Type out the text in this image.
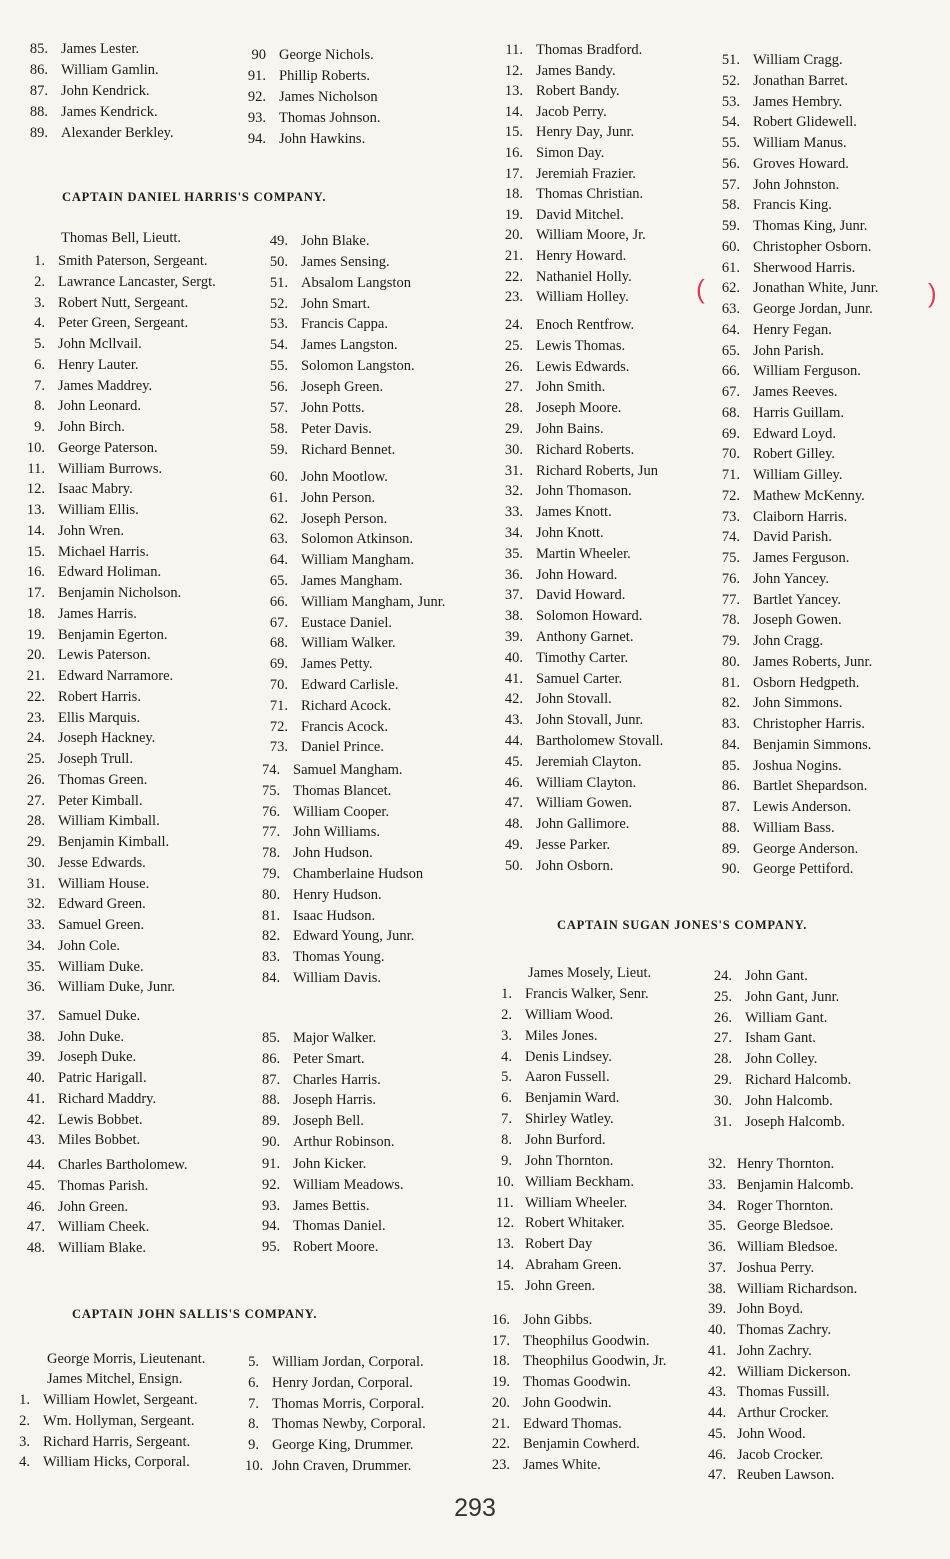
85. James Lester.
86. William Gamlin.
87. John Kendrick.
88. James Kendrick.
89. Alexander Berkley.
90 George Nichols.
91. Phillip Roberts.
92. James Nicholson
93. Thomas Johnson.
94. John Hawkins.
CAPTAIN DANIEL HARRIS'S COMPANY.
Thomas Bell, Lieutt.
1. Smith Paterson, Sergeant.
2. Lawrance Lancaster, Sergt.
3. Robert Nutt, Sergeant.
4. Peter Green, Sergeant.
5. John Mcllvail.
6. Henry Lauter.
7. James Maddrey.
8. John Leonard.
9. John Birch.
10. George Paterson.
11. William Burrows.
12. Isaac Mabry.
13. William Ellis.
14. John Wren.
15. Michael Harris.
16. Edward Holiman.
17. Benjamin Nicholson.
18. James Harris.
19. Benjamin Egerton.
20. Lewis Paterson.
21. Edward Narramore.
22. Robert Harris.
23. Ellis Marquis.
24. Joseph Hackney.
25. Joseph Trull.
26. Thomas Green.
27. Peter Kimball.
28. William Kimball.
29. Benjamin Kimball.
30. Jesse Edwards.
31. William House.
32. Edward Green.
33. Samuel Green.
34. John Cole.
35. William Duke.
36. William Duke, Junr.
37. Samuel Duke.
38. John Duke.
39. Joseph Duke.
40. Patric Harigall.
41. Richard Maddry.
42. Lewis Bobbet.
43. Miles Bobbet.
44. Charles Bartholomew.
45. Thomas Parish.
46. John Green.
47. William Cheek.
48. William Blake.
49. John Blake.
50. James Sensing.
51. Absalom Langston
52. John Smart.
53. Francis Cappa.
54. James Langston.
55. Solomon Langston.
56. Joseph Green.
57. John Potts.
58. Peter Davis.
59. Richard Bennet.
60. John Mootlow.
61. John Person.
62. Joseph Person.
63. Solomon Atkinson.
64. William Mangham.
65. James Mangham.
66. William Mangham, Junr.
67. Eustace Daniel.
68. William Walker.
69. James Petty.
70. Edward Carlisle.
71. Richard Acock.
72. Francis Acock.
73. Daniel Prince.
74. Samuel Mangham.
75. Thomas Blancet.
76. William Cooper.
77. John Williams.
78. John Hudson.
79. Chamberlaine Hudson
80. Henry Hudson.
81. Isaac Hudson.
82. Edward Young, Junr.
83. Thomas Young.
84. William Davis.
85. Major Walker.
86. Peter Smart.
87. Charles Harris.
88. Joseph Harris.
89. Joseph Bell.
90. Arthur Robinson.
91. John Kicker.
92. William Meadows.
93. James Bettis.
94. Thomas Daniel.
95. Robert Moore.
11. Thomas Bradford.
12. James Bandy.
13. Robert Bandy.
14. Jacob Perry.
15. Henry Day, Junr.
16. Simon Day.
17. Jeremiah Frazier.
18. Thomas Christian.
19. David Mitchel.
20. William Moore, Jr.
21. Henry Howard.
22. Nathaniel Holly.
23. William Holley.
24. Enoch Rentfrow.
25. Lewis Thomas.
26. Lewis Edwards.
27. John Smith.
28. Joseph Moore.
29. John Bains.
30. Richard Roberts.
31. Richard Roberts, Jun
32. John Thomason.
33. James Knott.
34. John Knott.
35. Martin Wheeler.
36. John Howard.
37. David Howard.
38. Solomon Howard.
39. Anthony Garnet.
40. Timothy Carter.
41. Samuel Carter.
42. John Stovall.
43. John Stovall, Junr.
44. Bartholomew Stovall.
45. Jeremiah Clayton.
46. William Clayton.
47. William Gowen.
48. John Gallimore.
49. Jesse Parker.
50. John Osborn.
51. William Cragg.
52. Jonathan Barret.
53. James Hembry.
54. Robert Glidewell.
55. William Manus.
56. Groves Howard.
57. John Johnston.
58. Francis King.
59. Thomas King, Junr.
60. Christopher Osborn.
61. Sherwood Harris.
62. Jonathan White, Junr.
63. George Jordan, Junr.
64. Henry Fegan.
65. John Parish.
66. William Ferguson.
67. James Reeves.
68. Harris Guillam.
69. Edward Loyd.
70. Robert Gilley.
71. William Gilley.
72. Mathew McKenny.
73. Claiborn Harris.
74. David Parish.
75. James Ferguson.
76. John Yancey.
77. Bartlet Yancey.
78. Joseph Gowen.
79. John Cragg.
80. James Roberts, Junr.
81. Osborn Hedgpeth.
82. John Simmons.
83. Christopher Harris.
84. Benjamin Simmons.
85. Joshua Nogins.
86. Bartlet Shepardson.
87. Lewis Anderson.
88. William Bass.
89. George Anderson.
90. George Pettiford.
(	)
CAPTAIN SUGAN JONES'S COMPANY.
James Mosely, Lieut.
1. Francis Walker, Senr.
2. William Wood.
3. Miles Jones.
4. Denis Lindsey.
5. Aaron Fussell.
6. Benjamin Ward.
7. Shirley Watley.
8. John Burford.
9. John Thornton.
10. William Beckham.
11. William Wheeler.
12. Robert Whitaker.
13. Robert Day
14. Abraham Green.
15. John Green.
16. John Gibbs.
17. Theophilus Goodwin.
18. Theophilus Goodwin, Jr.
19. Thomas Goodwin.
20. John Goodwin.
21. Edward Thomas.
22. Benjamin Cowherd.
23. James White.
24. John Gant.
25. John Gant, Junr.
26. William Gant.
27. Isham Gant.
28. John Colley.
29. Richard Halcomb.
30. John Halcomb.
31. Joseph Halcomb.
32. Henry Thornton.
33. Benjamin Halcomb.
34. Roger Thornton.
35. George Bledsoe.
36. William Bledsoe.
37. Joshua Perry.
38. William Richardson.
39. John Boyd.
40. Thomas Zachry.
41. John Zachry.
42. William Dickerson.
43. Thomas Fussill.
44. Arthur Crocker.
45. John Wood.
46. Jacob Crocker.
47. Reuben Lawson.
CAPTAIN JOHN SALLIS'S COMPANY.
George Morris, Lieutenant.
James Mitchel, Ensign.
1. William Howlet, Sergeant.
2. Wm. Hollyman, Sergeant.
3. Richard Harris, Sergeant.
4. William Hicks, Corporal.
5. William Jordan, Corporal.
6. Henry Jordan, Corporal.
7. Thomas Morris, Corporal.
8. Thomas Newby, Corporal.
9. George King, Drummer.
10. John Craven, Drummer.
293
